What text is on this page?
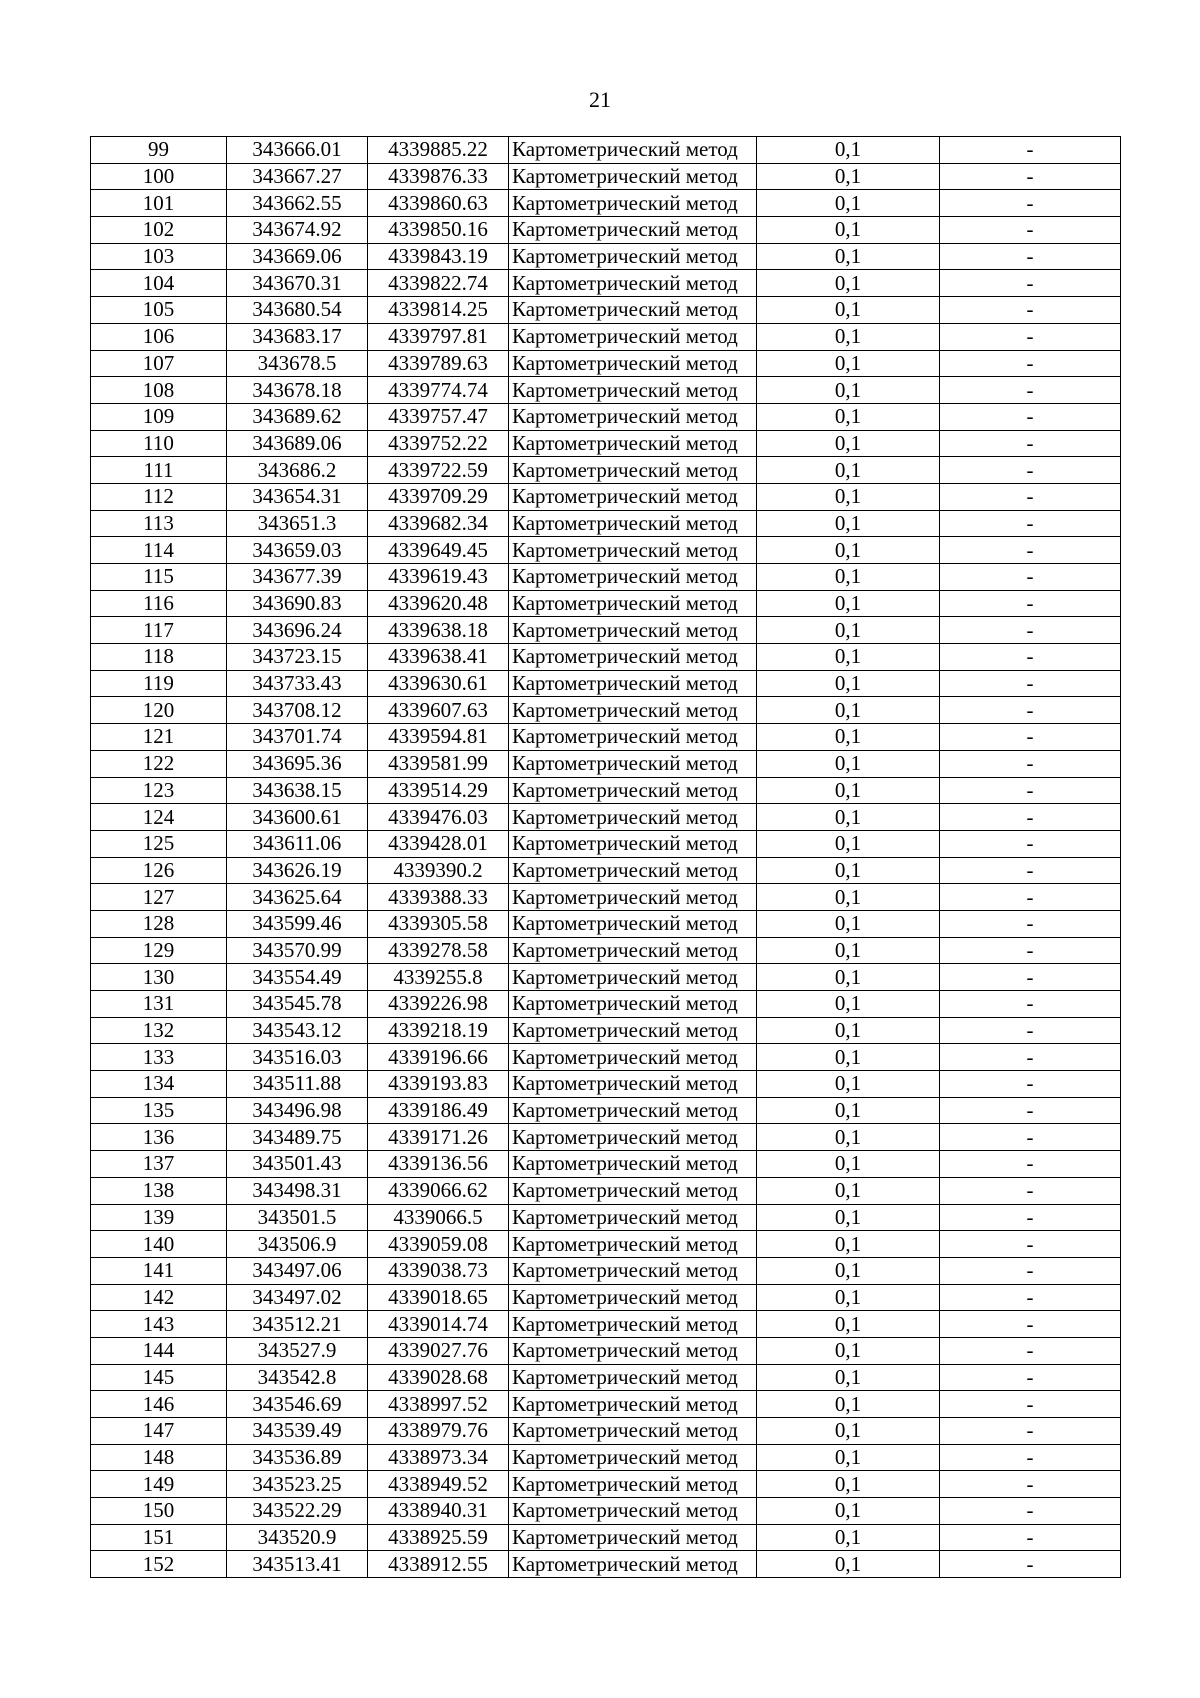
21
99	343666.01	4339885.22	Картометрический метод	0,1	-
100	343667.27	4339876.33	Картометрический метод	0,1	-
101	343662.55	4339860.63	Картометрический метод	0,1	-
102	343674.92	4339850.16	Картометрический метод	0,1	-
103	343669.06	4339843.19	Картометрический метод	0,1	-
104	343670.31	4339822.74	Картометрический метод	0,1	-
105	343680.54	4339814.25	Картометрический метод	0,1	-
106	343683.17	4339797.81	Картометрический метод	0,1	-
107	343678.5	4339789.63	Картометрический метод	0,1	-
108	343678.18	4339774.74	Картометрический метод	0,1	-
109	343689.62	4339757.47	Картометрический метод	0,1	-
110	343689.06	4339752.22	Картометрический метод	0,1	-
111	343686.2	4339722.59	Картометрический метод	0,1	-
112	343654.31	4339709.29	Картометрический метод	0,1	-
113	343651.3	4339682.34	Картометрический метод	0,1	-
114	343659.03	4339649.45	Картометрический метод	0,1	-
115	343677.39	4339619.43	Картометрический метод	0,1	-
116	343690.83	4339620.48	Картометрический метод	0,1	-
117	343696.24	4339638.18	Картометрический метод	0,1	-
118	343723.15	4339638.41	Картометрический метод	0,1	-
119	343733.43	4339630.61	Картометрический метод	0,1	-
120	343708.12	4339607.63	Картометрический метод	0,1	-
121	343701.74	4339594.81	Картометрический метод	0,1	-
122	343695.36	4339581.99	Картометрический метод	0,1	-
123	343638.15	4339514.29	Картометрический метод	0,1	-
124	343600.61	4339476.03	Картометрический метод	0,1	-
125	343611.06	4339428.01	Картометрический метод	0,1	-
126	343626.19	4339390.2	Картометрический метод	0,1	-
127	343625.64	4339388.33	Картометрический метод	0,1	-
128	343599.46	4339305.58	Картометрический метод	0,1	-
129	343570.99	4339278.58	Картометрический метод	0,1	-
130	343554.49	4339255.8	Картометрический метод	0,1	-
131	343545.78	4339226.98	Картометрический метод	0,1	-
132	343543.12	4339218.19	Картометрический метод	0,1	-
133	343516.03	4339196.66	Картометрический метод	0,1	-
134	343511.88	4339193.83	Картометрический метод	0,1	-
135	343496.98	4339186.49	Картометрический метод	0,1	-
136	343489.75	4339171.26	Картометрический метод	0,1	-
137	343501.43	4339136.56	Картометрический метод	0,1	-
138	343498.31	4339066.62	Картометрический метод	0,1	-
139	343501.5	4339066.5	Картометрический метод	0,1	-
140	343506.9	4339059.08	Картометрический метод	0,1	-
141	343497.06	4339038.73	Картометрический метод	0,1	-
142	343497.02	4339018.65	Картометрический метод	0,1	-
143	343512.21	4339014.74	Картометрический метод	0,1	-
144	343527.9	4339027.76	Картометрический метод	0,1	-
145	343542.8	4339028.68	Картометрический метод	0,1	-
146	343546.69	4338997.52	Картометрический метод	0,1	-
147	343539.49	4338979.76	Картометрический метод	0,1	-
148	343536.89	4338973.34	Картометрический метод	0,1	-
149	343523.25	4338949.52	Картометрический метод	0,1	-
150	343522.29	4338940.31	Картометрический метод	0,1	-
151	343520.9	4338925.59	Картометрический метод	0,1	-
152	343513.41	4338912.55	Картометрический метод	0,1	-
